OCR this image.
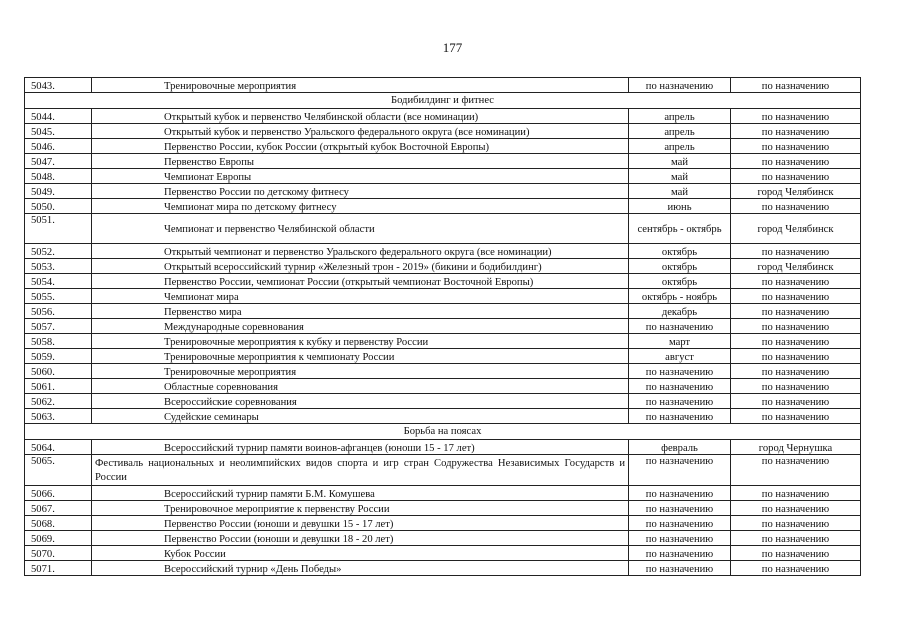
177
5043.	Тренировочные мероприятия	по назначению	по назначению
Бодибилдинг и фитнес			
5044.	Открытый кубок и первенство Челябинской области (все номинации)	апрель	по назначению
5045.	Открытый кубок и первенство Уральского федерального округа (все номинации)	апрель	по назначению
5046.	Первенство России, кубок России (открытый кубок Восточной Европы)	апрель	по назначению
5047.	Первенство Европы	май	по назначению
5048.	Чемпионат Европы	май	по назначению
5049.	Первенство России по детскому фитнесу	май	город Челябинск
5050.	Чемпионат мира по детскому фитнесу	июнь	по назначению
5051.	Чемпионат и первенство Челябинской области	сентябрь - октябрь	город Челябинск
5052.	Открытый чемпионат и первенство Уральского федерального округа (все номинации)	октябрь	по назначению
5053.	Открытый всероссийский турнир «Железный трон - 2019» (бикини и бодибилдинг)	октябрь	город Челябинск
5054.	Первенство России, чемпионат России (открытый чемпионат Восточной Европы)	октябрь	по назначению
5055.	Чемпионат мира	октябрь - ноябрь	по назначению
5056.	Первенство мира	декабрь	по назначению
5057.	Международные соревнования	по назначению	по назначению
5058.	Тренировочные мероприятия к кубку и первенству России	март	по назначению
5059.	Тренировочные мероприятия к чемпионату России	август	по назначению
5060.	Тренировочные мероприятия	по назначению	по назначению
5061.	Областные соревнования	по назначению	по назначению
5062.	Всероссийские соревнования	по назначению	по назначению
5063.	Судейские семинары	по назначению	по назначению
Борьба на поясах			
5064.	Всероссийский турнир памяти воинов-афганцев (юноши 15 - 17 лет)	февраль	город Чернушка
5065.	Фестиваль национальных и неолимпийских видов спорта и игр стран Содружества Независимых Государств и России	по назначению	по назначению
5066.	Всероссийский турнир памяти Б.М. Комушева	по назначению	по назначению
5067.	Тренировочное мероприятие к первенству России	по назначению	по назначению
5068.	Первенство России (юноши и девушки 15 - 17 лет)	по назначению	по назначению
5069.	Первенство России (юноши и девушки 18 - 20 лет)	по назначению	по назначению
5070.	Кубок России	по назначению	по назначению
5071.	Всероссийский турнир «День Победы»	по назначению	по назначению
